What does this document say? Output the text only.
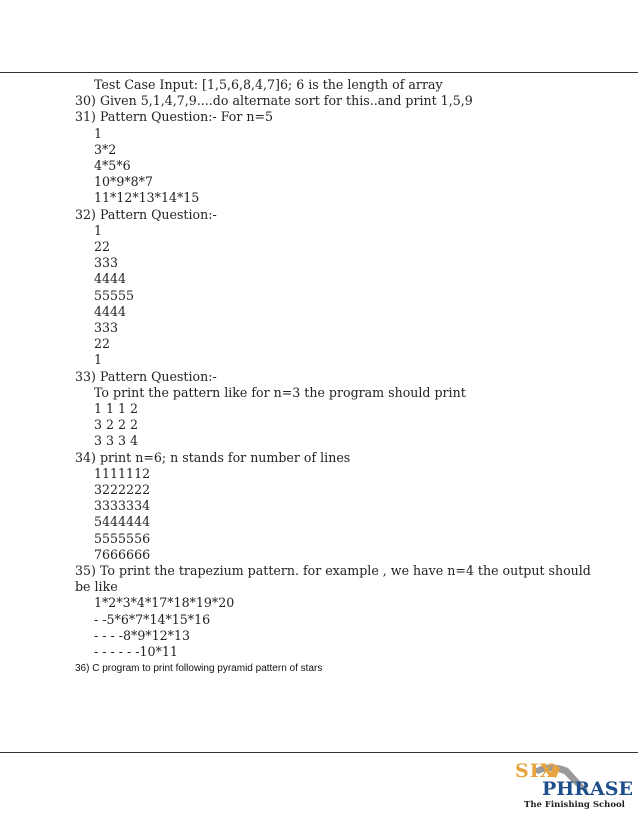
Test Case Input: [1,5,6,8,4,7]6; 6 is the length of array
30) Given 5,1,4,7,9....do alternate sort for this..and print 1,5,9
31) Pattern Question:- For n=5
1
3*2
4*5*6
10*9*8*7
11*12*13*14*15
32) Pattern Question:-
1
22
333
4444
55555
4444
333
22
1
33) Pattern Question:-
To print the pattern like for n=3 the program should print
1 1 1 2
3 2 2 2
3 3 3 4
34) print n=6; n stands for number of lines
1111112
3222222
3333334
5444444
5555556
7666666
35) To print the trapezium pattern. for example , we have n=4 the output should
be like
1*2*3*4*17*18*19*20
- -5*6*7*14*15*16
- - - -8*9*12*13
- - - - - -10*11
36) C program to print following pyramid pattern of stars
SIX
PHRASE
The Finishing School
